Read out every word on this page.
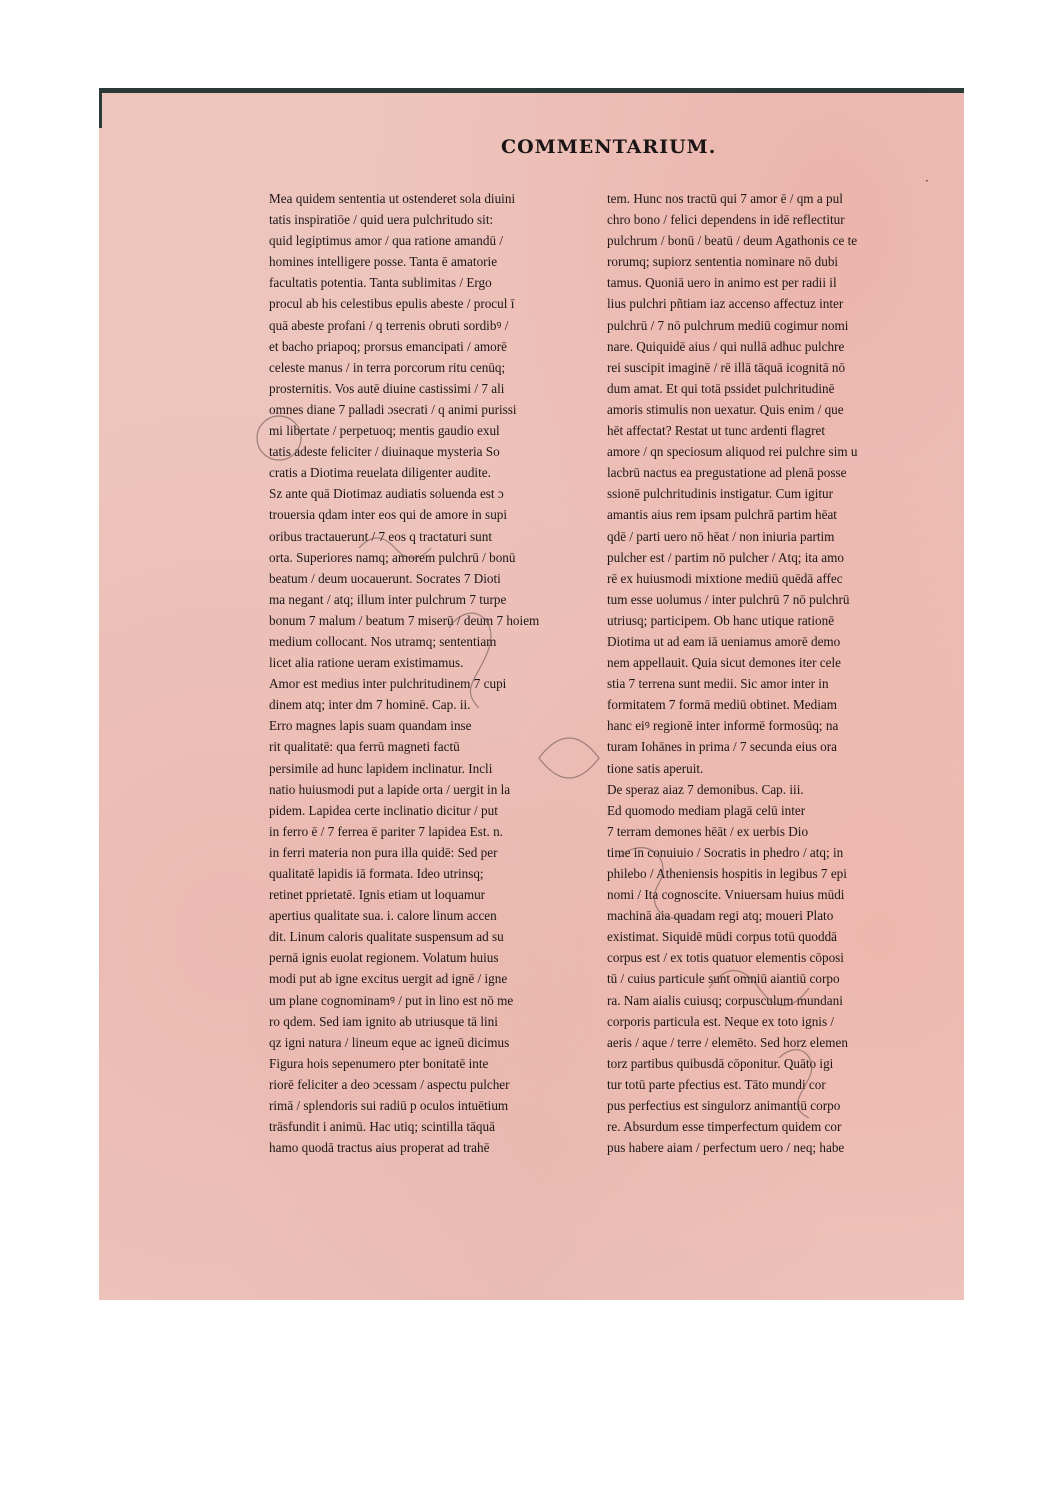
·
COMMENTARIUM.
Mea quidem sententia ut ostenderet sola diuini
tatis inspiratiōe / quid uera pulchritudo sit:
quid legiptimus amor / qua ratione amandū /
homines intelligere posse. Tanta ē amatoriе
facultatis potentia. Tanta sublimitas / Ergo
procul ab his celestibus epulis abeste / procul ī
quā abeste profani / q terrenis obruti sordibꝰ /
et bacho priapoq; prorsus emancipati / amorē
celeste manus / in terra porcorum ritu cenūq;
prosternitis. Vos autē diuine castissimi / 7 ali
omnes diane 7 palladi ɔsecrati / q animi purissi
mi libertate / perpetuoq; mentis gaudio exul
tatis adeste feliciter / diuinaque mysteria So
cratis a Diotima reuelata diligenter audite.
Sz ante quā Diotimaz audiatis soluenda est ɔ
trouersia qdam inter eos qui de amore in supi
oribus tractauerunt / 7 eos q tractaturi sunt
orta. Superiores namq; amorem pulchrū / bonū
beatum / deum uocauerunt. Socrates 7 Dioti
ma negant / atq; illum inter pulchrum 7 turpe
bonum 7 malum / beatum 7 miserū / deum 7 hoiem
medium collocant. Nos utramq; sententiam
licet alia ratione ueram existimamus.
Amor est medius inter pulchritudinem 7 cupi
dinem atq; inter dm 7 hominē. Cap. ii.
Erro magnes lapis suam quandam inse
rit qualitatē: qua ferrū magneti factū
persimile ad hunc lapidem inclinatur. Incli
natio huiusmodi put a lapide orta / uergit in la
pidem. Lapidea certe inclinatio dicitur / put
in ferro ē / 7 ferrea ē pariter 7 lapidea Est. n.
in ferri materia non pura illa quidē: Sed per
qualitatē lapidis iā formata. Ideo utrinsq;
retinet pprietatē. Ignis etiam ut loquamur
apertius qualitate sua. i. calore linum accen
dit. Linum caloris qualitate suspensum ad su
pernā ignis euolat regionem. Volatum huius
modi put ab igne excitus uergit ad ignē / igne
um plane cognominamꝰ / put in lino est nō me
ro qdem. Sed iam ignito ab utriusque tā lini
qz igni natura / lineum eque ac igneū dicimus
Figura hois sepenumero pter bonitatē inte
riorē feliciter a deo ɔcessam / aspectu pulcher
rimā / splendoris sui radiū p oculos intuētium
trāsfundit i animū. Hac utiq; scintilla tāquā
hamo quodā tractus aius properat ad trahē
tem. Hunc nos tractū qui 7 amor ē / qm a pul
chro bono / felici dependens in idē reflectitur
pulchrum / bonū / beatū / deum Agathonis ce te
rorumq; supiorz sententia nominare nō dubi
tamus. Quoniā uero in animo est per radii il
lius pulchri pñtiam iaz accenso affectuz inter
pulchrū / 7 nō pulchrum mediū cogimur nomi
nare. Quiquidē aius / qui nullā adhuc pulchre
rei suscipit imaginē / rē illā tāquā icognitā nō
dum amat. Et qui totā pssidet pulchritudinē
amoris stimulis non uexatur. Quis enim / que
hēt affectat? Restat ut tunc ardenti flagret
amore / qn speciosum aliquod rei pulchre sim u
lacbrū nactus ea pregustatione ad plenā posse
ssionē pulchritudinis instigatur. Cum igitur
amantis aius rem ipsam pulchrā partim hēat
qdē / parti uero nō hēat / non iniuria partim
pulcher est / partim nō pulcher / Atq; ita amo
rē ex huiusmodi mixtione mediū quēdā affec
tum esse uolumus / inter pulchrū 7 nō pulchrū
utriusq; participem. Ob hanc utique rationē
Diotima ut ad eam iā ueniamus amorē demo
nem appellauit. Quia sicut demones iter cele
stia 7 terrena sunt medii. Sic amor inter in
formitatem 7 formā mediū obtinet. Mediam
hanc eiꝰ regionē inter informē formosūq; na
turam Iohānes in prima / 7 secunda eius ora
tione satis aperuit.
De speraz aiaz 7 demonibus. Cap. iii.
Ed quomodo mediam plagā celū inter
7 terram demones hēāt / ex uerbis Dio
time in conuiuio / Socratis in phedro / atq; in
philebo / Atheniensis hospitis in legibus 7 epi
nomi / Ita cognoscite. Vniuersam huius mūdi
machinā aia quadam regi atq; moueri Plato
existimat. Siquidē mūdi corpus totū quoddā
corpus est / ex totis quatuor elementis cōposi
tū / cuius particule sunt omniū aiantiū corpo
ra. Nam aialis cuiusq; corpusculum mundani
corporis particula est. Neque ex toto ignis /
aeris / aque / terre / elemēto. Sed horz elemen
torz partibus quibusdā cōponitur. Quāto igi
tur totū parte pfectius est. Tāto mundi cor
pus perfectius est singulorz animantiū corpo
re. Absurdum esse timperfectum quidem cor
pus habere aiam / perfectum uero / neq; habe
